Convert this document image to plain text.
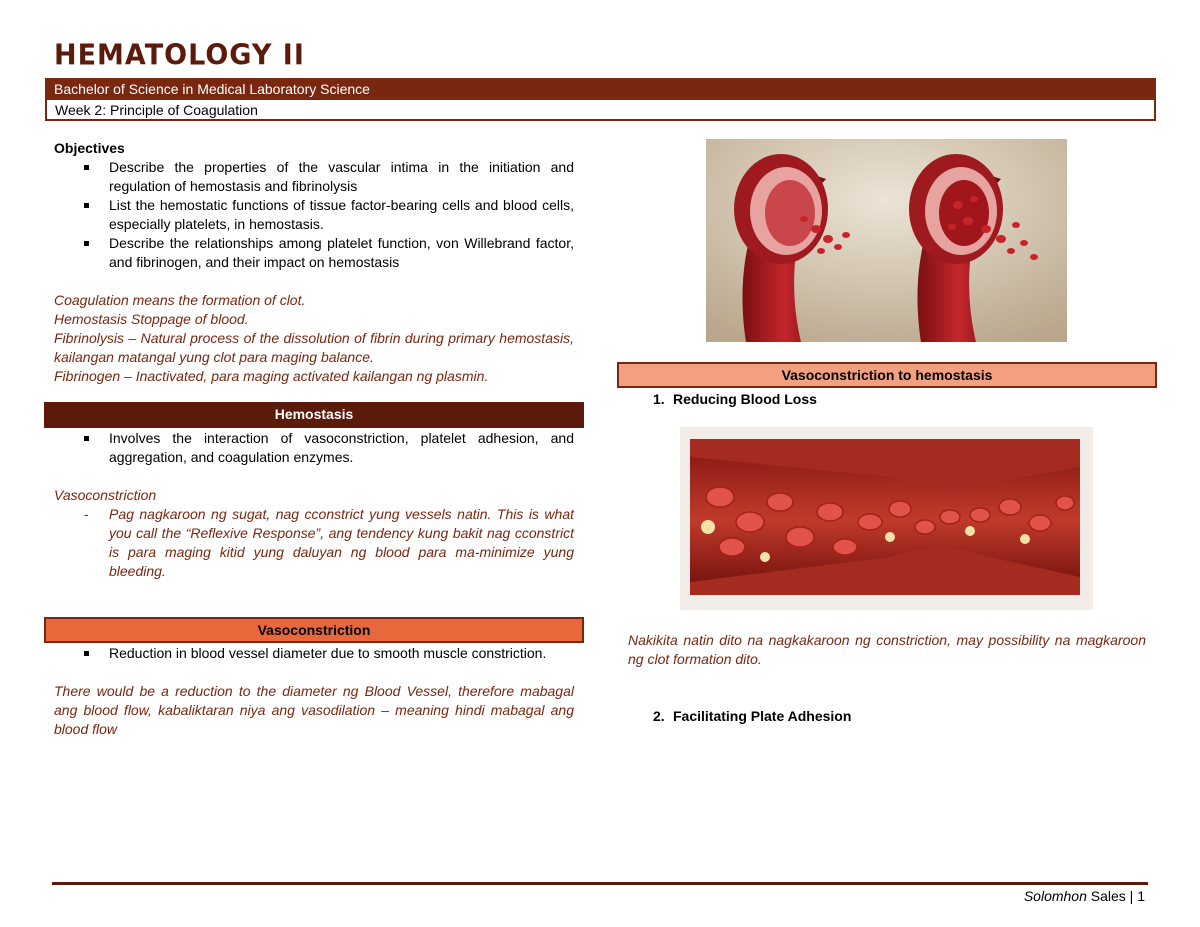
HEMATOLOGY II
Bachelor of Science in Medical Laboratory Science
Week 2: Principle of Coagulation
Objectives
Describe the properties of the vascular intima in the initiation and regulation of hemostasis and fibrinolysis
List the hemostatic functions of tissue factor-bearing cells and blood cells, especially platelets, in hemostasis.
Describe the relationships among platelet function, von Willebrand factor, and fibrinogen, and their impact on hemostasis

Coagulation means the formation of clot.

Hemostasis Stoppage of blood.

Fibrinolysis – Natural process of the dissolution of fibrin during primary hemostasis, kailangan matangal yung clot para maging balance.

Fibrinogen – Inactivated, para maging activated kailangan ng plasmin.

Hemostasis
Involves the interaction of vasoconstriction, platelet adhesion, and aggregation, and coagulation enzymes.

Vasoconstriction

- Pag nagkaroon ng sugat, nag cconstrict yung vessels natin. This is what you call the “Reflexive Response”, ang tendency kung bakit nag cconstrict is para maging kitid yung daluyan ng blood para ma-minimize yung bleeding.

Vasoconstriction
Reduction in blood vessel diameter due to smooth muscle constriction.

There would be a reduction to the diameter ng Blood Vessel, therefore mabagal ang blood flow, kabaliktaran niya ang vasodilation – meaning hindi mabagal ang blood flow

Vasoconstriction to hemostasis
1. Reducing Blood Loss

Nakikita natin dito na nagkakaroon ng constriction, may possibility na magkaroon ng clot formation dito.

2. Facilitating Plate Adhesion
Solomhon Sales | 1
